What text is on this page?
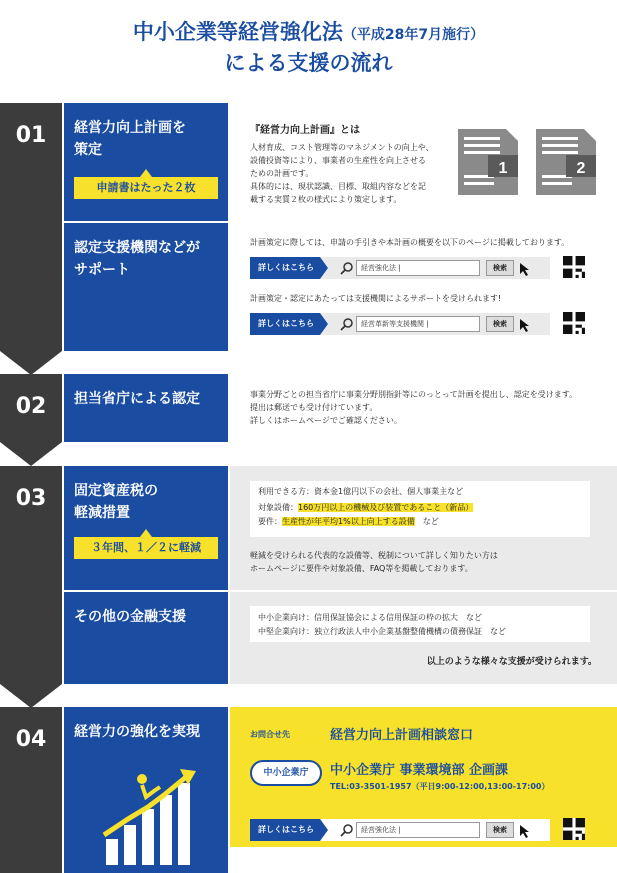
中小企業等経営強化法（平成28年7月施行）
による支援の流れ
01	経営力向上計画を
策定
申請書はたった２枚
『経営力向上計画』とは
人材育成、コスト管理等のマネジメントの向上や、
設備投資等により、事業者の生産性を向上させる
ための計画です。
具体的には、現状認識、目標、取組内容などを記
載する実質２枚の様式により策定します。
1	2
認定支援機関などが
サポート
計画策定に際しては、申請の手引きや本計画の概要を以下のページに掲載しております。
詳しくはこちら	経営強化法 |	検索
計画策定・認定にあたっては支援機関によるサポートを受けられます!
詳しくはこちら	経営革新等支援機関 |	検索
02	担当省庁による認定	事業分野ごとの担当省庁に事業分野別指針等にのっとって計画を提出し、認定を受けます。
提出は郵送でも受け付けています。
詳しくはホームページでご確認ください。
03	固定資産税の
軽減措置
３年間、１／２に軽減
利用できる方：資本金1億円以下の会社、個人事業主など
対象設備：160万円以上の機械及び装置であること（新品）
要件：生産性が年平均1%以上向上する設備　など
軽減を受けられる代表的な設備等、税制について詳しく知りたい方は
ホームページに要件や対象設備、FAQ等を掲載しております。
その他の金融支援	中小企業向け：信用保証協会による信用保証の枠の拡大　など
中堅企業向け：独立行政法人中小企業基盤整備機構の債務保証　など
以上のような様々な支援が受けられます。
04	経営力の強化を実現	お問合せ先	経営力向上計画相談窓口
中小企業庁	中小企業庁 事業環境部 企画課
TEL:03-3501-1957（平日9:00-12:00,13:00-17:00）
詳しくはこちら	経営強化法 |	検索
